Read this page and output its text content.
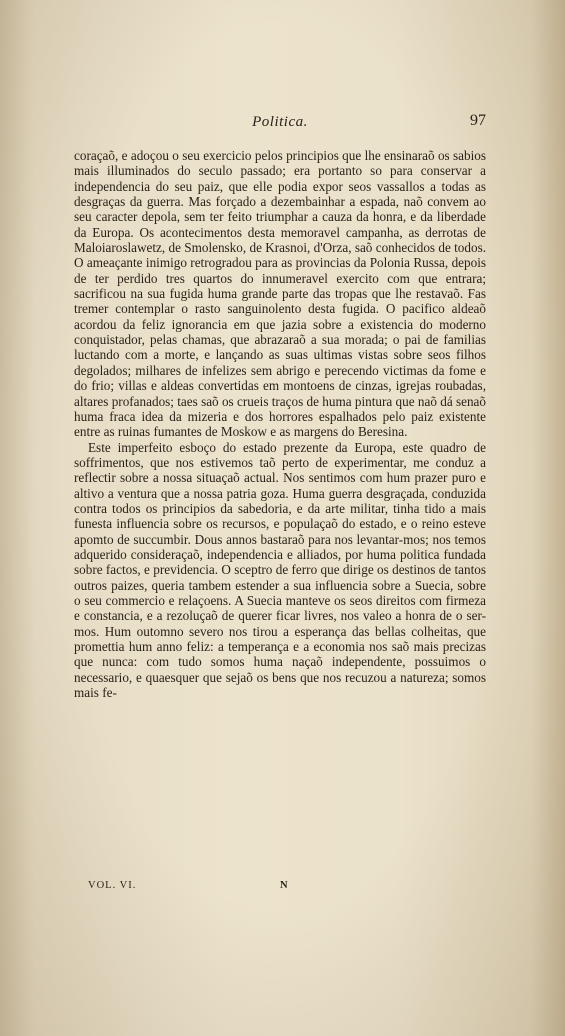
Politica.	97

coraçaõ, e adoçou o seu exercicio pelos principios que lhe ensinaraõ os sabios mais illuminados do seculo passado; era portanto so para conservar a independencia do seu paiz, que elle podia expor seos vassallos a todas as desgraças da guerra. Mas forçado a dezembainhar a espada, naõ convem ao seu caracter depola, sem ter feito triumphar a cauza da honra, e da liberdade da Europa. Os acontecimentos desta memoravel campanha, as derrotas de Maloiaroslawetz, de Smolensko, de Krasnoi, d'Orza, saõ conhecidos de todos. O ameaçante inimigo retrogradou para as provincias da Polonia Russa, depois de ter perdido tres quartos do innumeravel exercito com que entrara; sacrificou na sua fugida huma grande parte das tropas que lhe restavaõ. Fas tremer contemplar o rasto sanguinolento desta fugida. O pacifico aldeaõ acordou da feliz ignorancia em que jazia sobre a existencia do moderno conquistador, pelas chamas, que abrazaraõ a sua morada; o pai de familias luctando com a morte, e lançando as suas ultimas vistas sobre seos filhos degolados; milhares de infelizes sem abrigo e perecendo victimas da fome e do frio; villas e aldeas convertidas em montoens de cinzas, igrejas roubadas, altares profanados; taes saõ os crueis traços de huma pintura que naõ dá senaõ huma fraca idea da mizeria e dos horrores espalhados pelo paiz existente entre as ruinas fumantes de Moskow e as margens do Beresina.

Este imperfeito esboço do estado prezente da Europa, este quadro de soffrimentos, que nos estivemos taõ perto de experimentar, me conduz a reflectir sobre a nossa situaçaõ actual. Nos sentimos com hum prazer puro e altivo a ventura que a nossa patria goza. Huma guerra desgraçada, conduzida contra todos os principios da sabedoria, e da arte militar, tinha tido a mais funesta influencia sobre os recursos, e populaçaõ do estado, e o reino esteve apomto de succumbir. Dous annos bastaraõ para nos levantar-mos; nos temos adquerido consideraçaõ, independencia e alliados, por huma politica fundada sobre factos, e previdencia. O sceptro de ferro que dirige os destinos de tantos outros paizes, queria tambem estender a sua influencia sobre a Suecia, sobre o seu commercio e relaçoens. A Suecia manteve os seos direitos com firmeza e constancia, e a rezoluçaõ de querer ficar livres, nos valeo a honra de o ser-mos. Hum outomno severo nos tirou a esperança das bellas colheitas, que promettia hum anno feliz: a temperança e a economia nos saõ mais precizas que nunca: com tudo somos huma naçaõ independente, possuimos o necessario, e quaesquer que sejaõ os bens que nos recuzou a natureza; somos mais fe-

VOL. VI.	N
